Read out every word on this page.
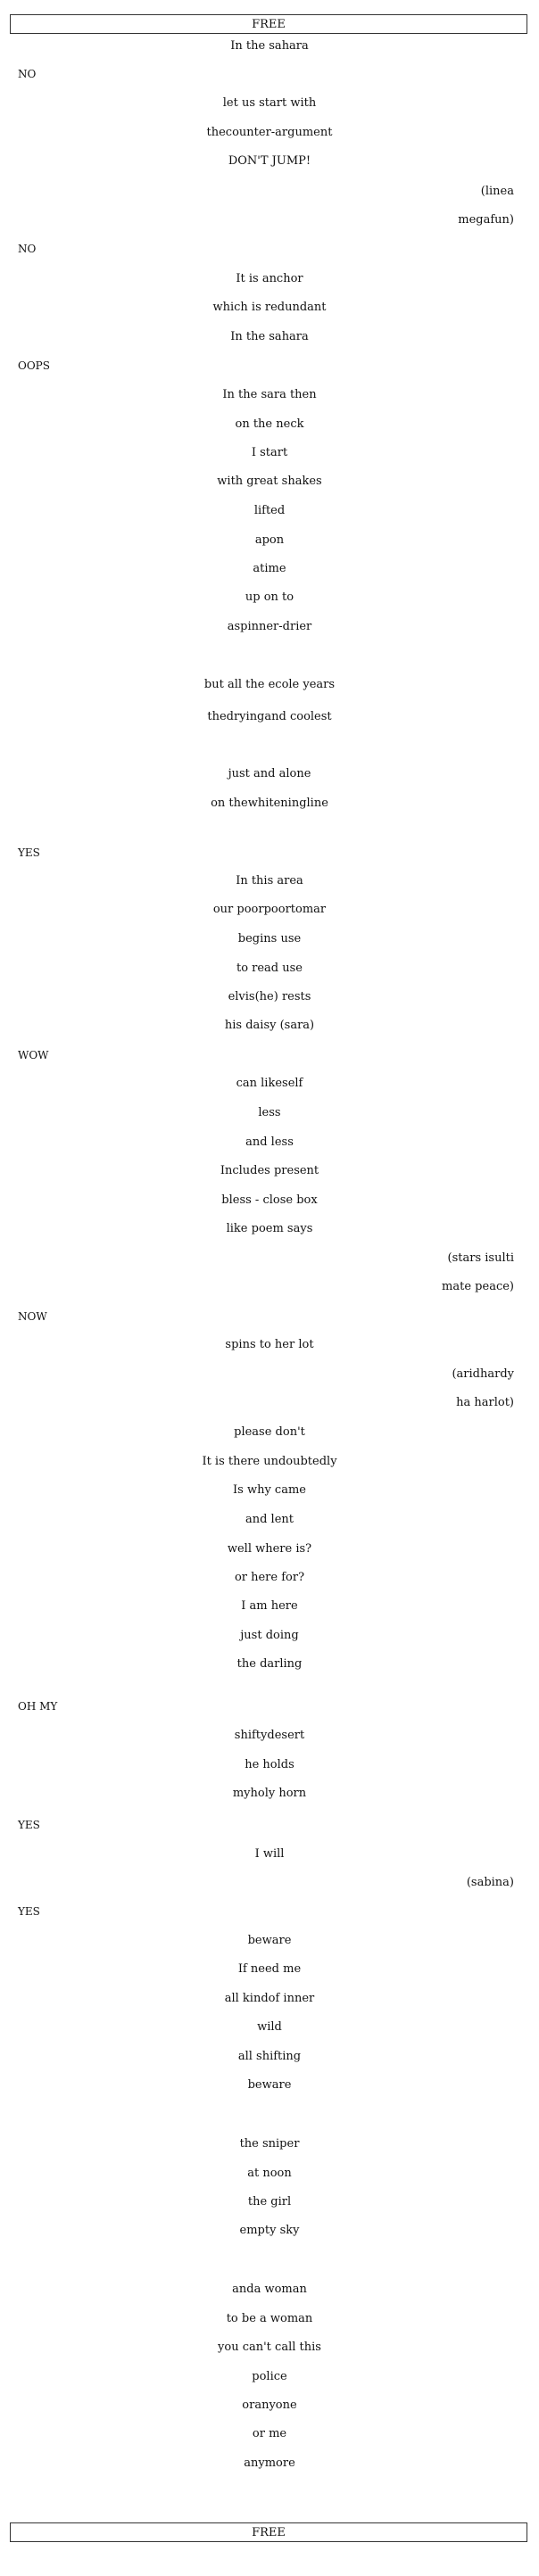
FREE
In the sahara
NO
let us start with
thecounter-argument
DON'T JUMP!
(linea
megafun)
NO
It is anchor
which is redundant
In the sahara
OOPS
In the sara then
on the neck
I start
with great shakes
lifted
apon
atime
up on to
aspinner-drier
but all the ecole years
thedryingand coolest
just and alone
on thewhiteningline
YES
In this area
our poorpoortomar
begins use
to read use
elvis(he) rests
his daisy (sara)
WOW
can likeself
less
and less
Includes present
bless - close box
like poem says
(stars isulti
mate peace)
NOW
spins to her lot
(aridhardy
ha harlot)
please don't
It is there undoubtedly
Is why came
and lent
well where is?
or here for?
I am here
just doing
the darling
OH MY
shiftydesert
he holds
myholy horn
YES
I will
(sabina)
YES
beware
If need me
all kindof inner
wild
all shifting
beware
the sniper
at noon
the girl
empty sky
anda woman
to be a woman
you can't call this
police
oranyone
or me
anymore
FREE
